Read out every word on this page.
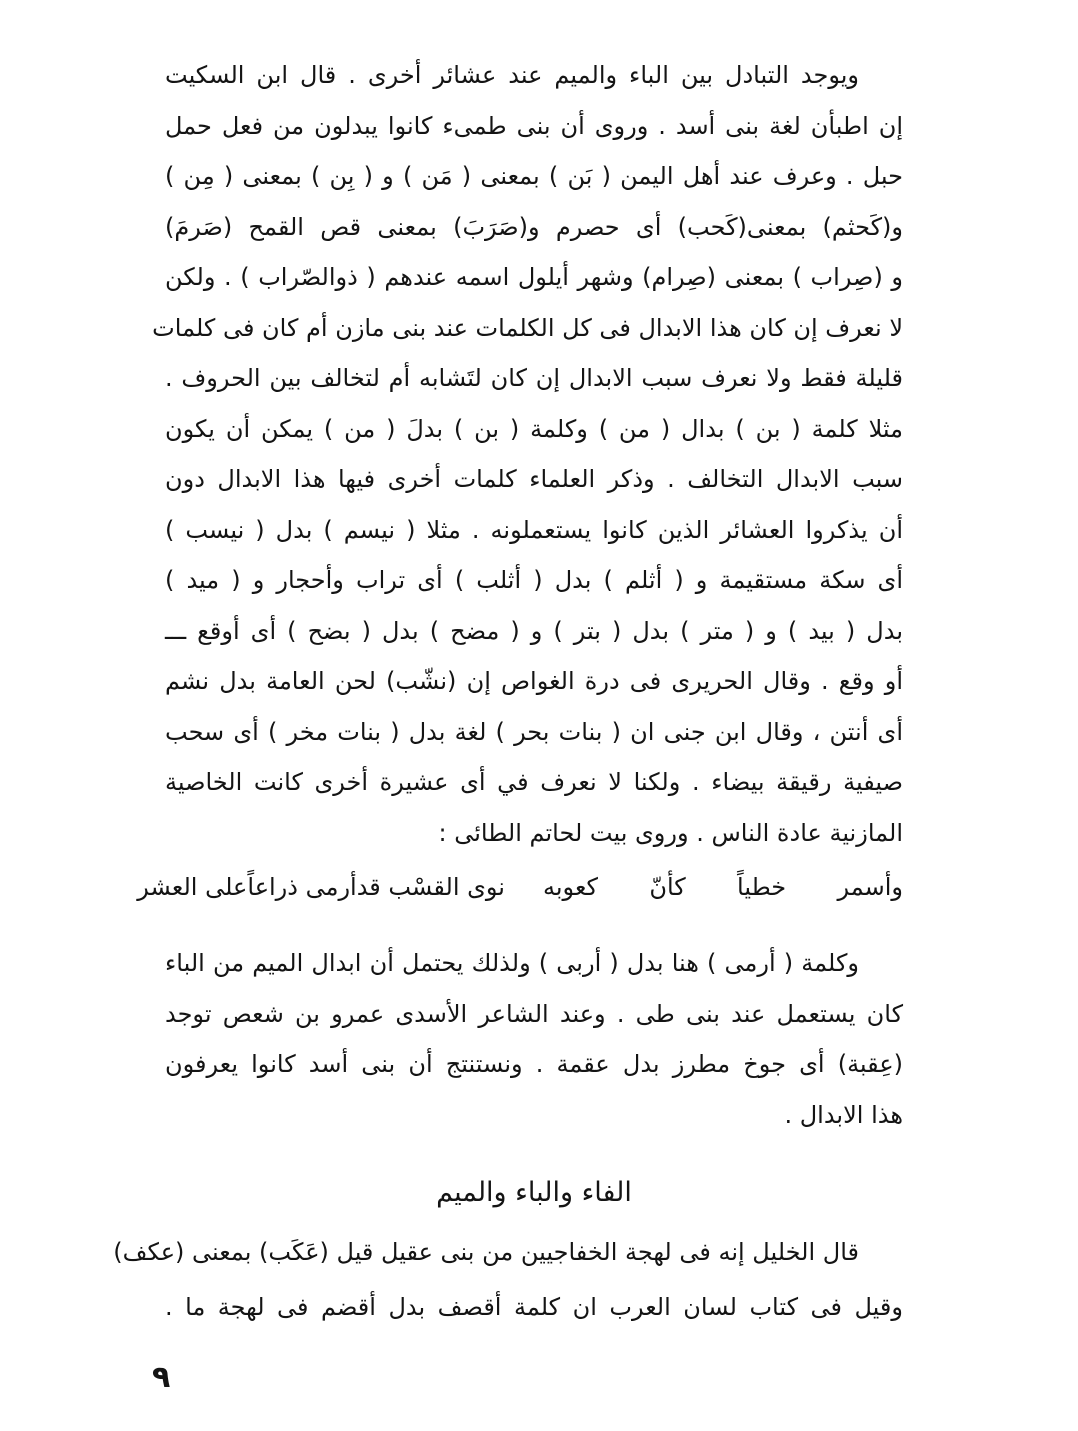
ويوجد التبادل بين الباء والميم عند عشائر أخرى . قال ابن السكيت
إن اطبأن لغة بنى أسد . وروى أن بنى طمىء كانوا يبدلون من فعل حمل
حبل . وعرف عند أهل اليمن ( بَن ) بمعنى ( مَن ) و ( بِن ) بمعنى ( مِن )
و(كَحثم) بمعنى(كَحب) أى حصرم و(صَرَبَ) بمعنى قص القمح (صَرمَ)
و (صِراب ) بمعنى (صِرام) وشهر أيلول اسمه عندهم ( ذوالصّراب ) . ولكن
لا نعرف إن كان هذا الابدال فى كل الكلمات عند بنى مازن أم كان فى كلمات
قليلة فقط ولا نعرف سبب الابدال إن كان لتَشابه أم لتخالف بين الحروف .
مثلا كلمة ( بن ) بدال ( من ) وكلمة ( بن ) بدلَ ( من ) يمكن أن يكون
سبب الابدال التخالف . وذكر العلماء كلمات أخرى فيها هذا الابدال دون
أن يذكروا العشائر الذين كانوا يستعملونه . مثلا ( نيسم ) بدل ( نيسب )
أى سكة مستقيمة و ( أثلم ) بدل ( أثلب ) أى تراب وأحجار و ( ميد )
بدل ( بيد ) و ( متر ) بدل ( بتر ) و ( مضح ) بدل ( بضح ) أى أوقع ـــ
أو وقع . وقال الحريرى فى درة الغواص إن (نشّب) لحن العامة بدل نشم
أى أنتن ، وقال ابن جنى ان ( بنات بحر ) لغة بدل ( بنات مخر ) أى سحب
صيفية رقيقة بيضاء . ولكنا لا نعرف في أى عشيرة أخرى كانت الخاصية
المازنية عادة الناس . وروى بيت لحاتم الطائى :
وأسمر خطياً كأنّ كعوبه
نوى القسْب قدأرمى ذراعاًعلى العشر
وكلمة ( أرمى ) هنا بدل ( أربى ) ولذلك يحتمل أن ابدال الميم من الباء
كان يستعمل عند بنى طى . وعند الشاعر الأسدى عمرو بن شعص توجد
(عِقبة) أى جوخ مطرز بدل عقمة . ونستنتج أن بنى أسد كانوا يعرفون
هذا الابدال .
الفاء والباء والميم
قال الخليل إنه فى لهجة الخفاجيين من بنى عقيل قيل (عَكَب) بمعنى (عكف)
وقيل فى كتاب لسان العرب ان كلمة أقصف بدل أقضم فى لهجة ما .
٩
